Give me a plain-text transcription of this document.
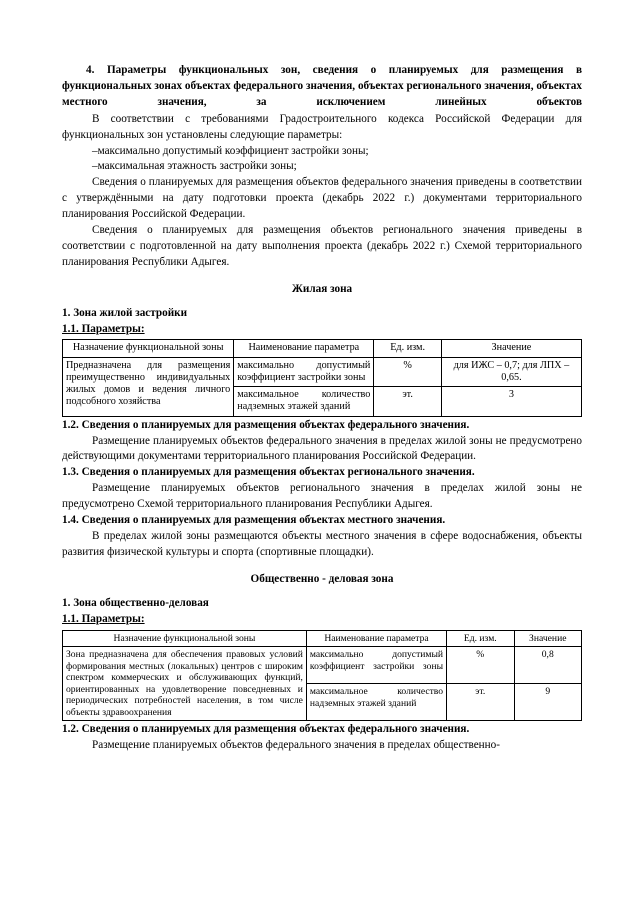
4. Параметры функциональных зон, сведения о планируемых для размещения в функциональных зонах объектах федерального значения, объектах регионального значения, объектах местного значения, за исключением линейных объектов

В соответствии с требованиями Градостроительного кодекса Российской Федерации для функциональных зон установлены следующие параметры:

–максимально допустимый коэффициент застройки зоны;

–максимальная этажность застройки зоны;

Сведения о планируемых для размещения объектов федерального значения приведены в соответствии с утверждёнными на дату подготовки проекта (декабрь 2022 г.) документами территориального планирования Российской Федерации.

Сведения о планируемых для размещения объектов регионального значения приведены в соответствии с подготовленной на дату выполнения проекта (декабрь 2022 г.) Схемой территориального планирования Республики Адыгея.

Жилая зона
1. Зона жилой застройки
1.1. Параметры:
Назначение функциональной зоны	Наименование параметра	Ед. изм.	Значение
Предназначена для размещения преимущественно индивидуальных жилых домов и ведения личного подсобного хозяйства	максимально допустимый коэффициент застройки зоны	%	для ИЖС – 0,7; для ЛПХ – 0,65.
	максимальное количество надземных этажей зданий	эт.	3
1.2. Сведения о планируемых для размещения объектах федерального значения.

Размещение планируемых объектов федерального значения в пределах жилой зоны не предусмотрено действующими документами территориального планирования Российской Федерации.

1.3. Сведения о планируемых для размещения объектах регионального значения.

Размещение планируемых объектов регионального значения в пределах жилой зоны не предусмотрено Схемой территориального планирования Республики Адыгея.

1.4. Сведения о планируемых для размещения объектах местного значения.

В пределах жилой зоны размещаются объекты местного значения в сфере водоснабжения, объекты развития физической культуры и спорта (спортивные площадки).

Общественно - деловая зона
1. Зона общественно-деловая
1.1. Параметры:
Назначение функциональной зоны	Наименование параметра	Ед. изм.	Значение
Зона предназначена для обеспечения правовых условий формирования местных (локальных) центров с широким спектром коммерческих и обслуживающих функций, ориентированных на удовлетворение повседневных и периодических потребностей населения, в том числе объекты здравоохранения	максимально допустимый коэффициент застройки зоны	%	0,8
	максимальное количество надземных этажей зданий	эт.	9
1.2. Сведения о планируемых для размещения объектах федерального значения.

Размещение планируемых объектов федерального значения в пределах общественно-
